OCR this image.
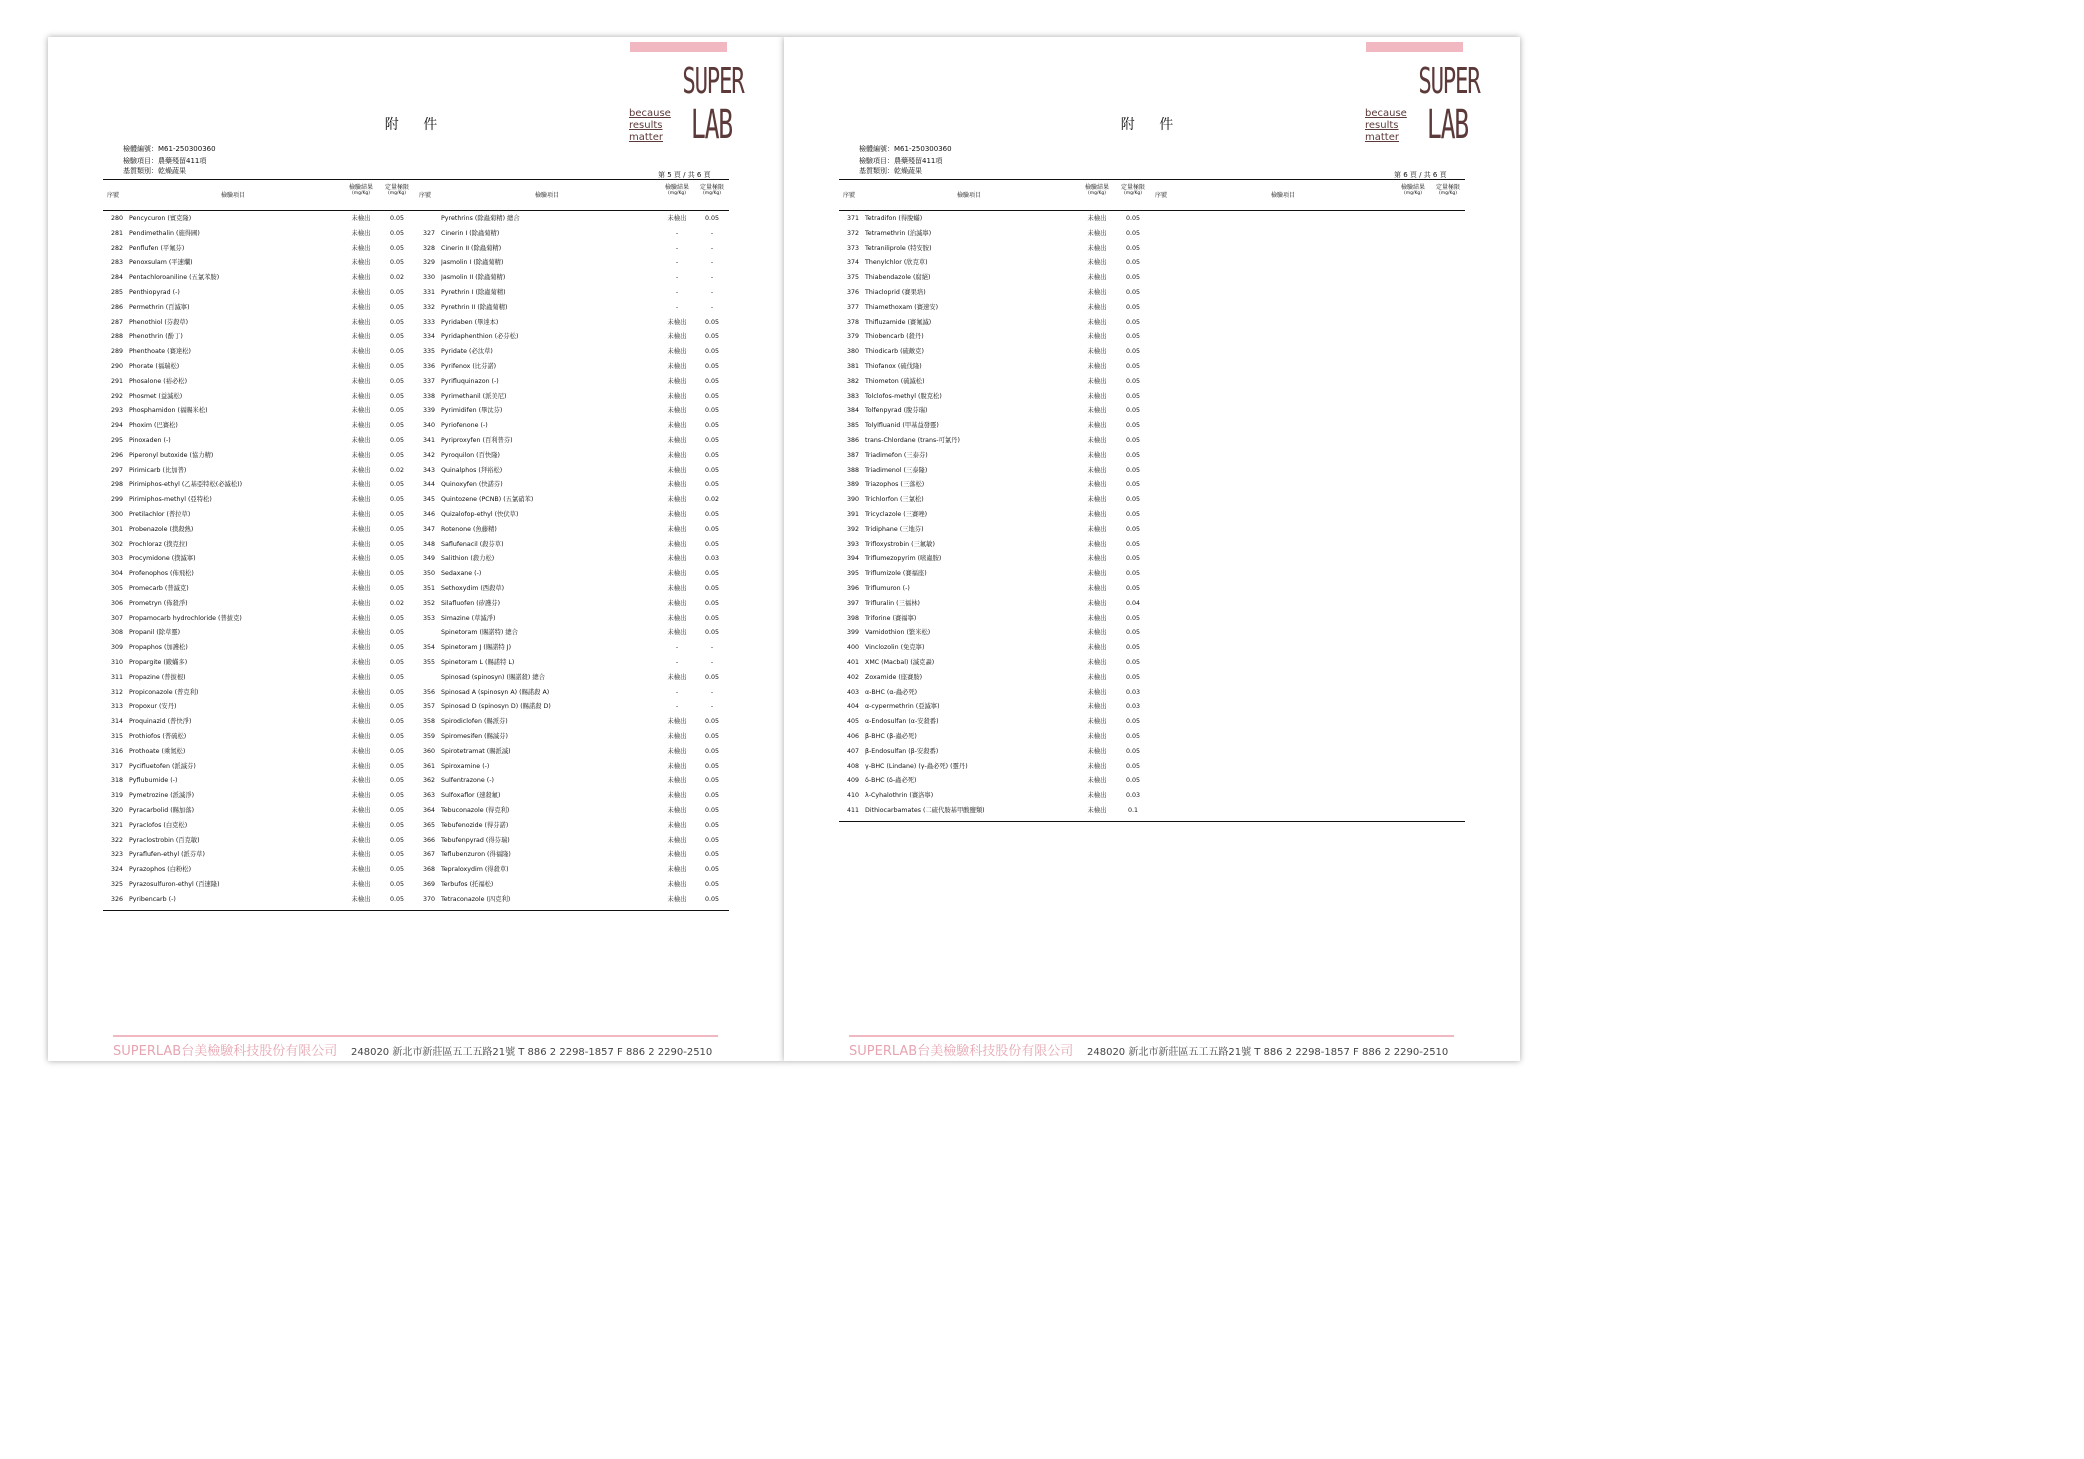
SUPER
LAB
because
results
matter
附 件
檢體編號：M61-250300360
檢驗項目：農藥殘留411項
基質類別：乾燥蔬果	第 5 頁 / 共 6 頁
序號	檢驗項目
檢驗結果
(mg/Kg)
定量極限
(mg/Kg)	序號	檢驗項目
檢驗結果
(mg/Kg)
定量極限
(mg/Kg)
280 Pencycuron (賓克隆)	未檢出	0.05	Pyrethrins (除蟲菊精) 總合	未檢出	0.05
281 Pendimethalin (施得圃)	未檢出	0.05	327 Cinerin I (除蟲菊精)	-	-
282 Penflufen (平氟芬)	未檢出	0.05	328 Cinerin II (除蟲菊精)	-	-
283 Penoxsulam (平速爛)	未檢出	0.05	329 Jasmolin I (除蟲菊精)	-	-
284 Pentachloroaniline (五氯苯胺)	未檢出	0.02	330 Jasmolin II (除蟲菊精)	-	-
285 Penthiopyrad (-)	未檢出	0.05	331 Pyrethrin I (除蟲菊精)	-	-
286 Permethrin (百滅寧)	未檢出	0.05	332 Pyrethrin II (除蟲菊精)	-	-
287 Phenothiol (芬殺草)	未檢出	0.05	333 Pyridaben (畢達本)	未檢出	0.05
288 Phenothrin (酚丁)	未檢出	0.05	334 Pyridaphenthion (必芬松)	未檢出	0.05
289 Phenthoate (賽達松)	未檢出	0.05	335 Pyridate (必汰草)	未檢出	0.05
290 Phorate (福瑞松)	未檢出	0.05	336 Pyrifenox (比芬諾)	未檢出	0.05
291 Phosalone (裕必松)	未檢出	0.05	337 Pyrifluquinazon (-)	未檢出	0.05
292 Phosmet (益滅松)	未檢出	0.05	338 Pyrimethanil (派美尼)	未檢出	0.05
293 Phosphamidon (福賜米松)	未檢出	0.05	339 Pyrimidifen (畢汰芬)	未檢出	0.05
294 Phoxim (巴賽松)	未檢出	0.05	340 Pyriofenone (-)	未檢出	0.05
295 Pinoxaden (-)	未檢出	0.05	341 Pyriproxyfen (百利普芬)	未檢出	0.05
296 Piperonyl butoxide (協力精)	未檢出	0.05	342 Pyroquilon (百快隆)	未檢出	0.05
297 Pirimicarb (比加普)	未檢出	0.02	343 Quinalphos (拜裕松)	未檢出	0.05
298 Pirimiphos-ethyl (乙基亞特松(必滅松))	未檢出	0.05	344 Quinoxyfen (快諾芬)	未檢出	0.05
299 Pirimiphos-methyl (亞特松)	未檢出	0.05	345 Quintozene (PCNB) (五氯硝苯)	未檢出	0.02
300 Pretilachlor (普拉草)	未檢出	0.05	346 Quizalofop-ethyl (快伏草)	未檢出	0.05
301 Probenazole (撲殺熱)	未檢出	0.05	347 Rotenone (魚藤精)	未檢出	0.05
302 Prochloraz (撲克拉)	未檢出	0.05	348 Saflufenacil (殺芬草)	未檢出	0.05
303 Procymidone (撲滅寧)	未檢出	0.05	349 Salithion (殺力松)	未檢出	0.03
304 Profenophos (佈飛松)	未檢出	0.05	350 Sedaxane (-)	未檢出	0.05
305 Promecarb (普滅克)	未檢出	0.05	351 Sethoxydim (西殺草)	未檢出	0.05
306 Prometryn (佈殺淨)	未檢出	0.02	352 Silafluofen (矽護芬)	未檢出	0.05
307 Propamocarb hydrochloride (普拔克)	未檢出	0.05	353 Simazine (草滅淨)	未檢出	0.05
308 Propanil (除草靈)	未檢出	0.05	Spinetoram (賜諾特) 總合	未檢出	0.05
309 Propaphos (加護松)	未檢出	0.05	354 Spinetoram J (賜諾特 J)	-	-
310 Propargite (毆蟎多)	未檢出	0.05	355 Spinetoram L (賜諾特 L)	-	-
311 Propazine (普拔根)	未檢出	0.05	Spinosad (spinosyn) (賜諾殺) 總合	未檢出	0.05
312 Propiconazole (普克利)	未檢出	0.05	356 Spinosad A (spinosyn A) (賜諾殺 A)	-	-
313 Propoxur (安丹)	未檢出	0.05	357 Spinosad D (spinosyn D) (賜諾殺 D)	-	-
314 Proquinazid (普快淨)	未檢出	0.05	358 Spirodiclofen (賜派芬)	未檢出	0.05
315 Prothiofos (普硫松)	未檢出	0.05	359 Spiromesifen (賜滅芬)	未檢出	0.05
316 Prothoate (乘氮松)	未檢出	0.05	360 Spirotetramat (賜派滅)	未檢出	0.05
317 Pycifluetofen (派滅芬)	未檢出	0.05	361 Spiroxamine (-)	未檢出	0.05
318 Pyflubumide (-)	未檢出	0.05	362 Sulfentrazone (-)	未檢出	0.05
319 Pymetrozine (派滅淨)	未檢出	0.05	363 Sulfoxaflor (速殺氟)	未檢出	0.05
320 Pyracarbolid (賜加落)	未檢出	0.05	364 Tebuconazole (得克利)	未檢出	0.05
321 Pyraclofos (白克松)	未檢出	0.05	365 Tebufenozide (得芬諾)	未檢出	0.05
322 Pyraclostrobin (百克敏)	未檢出	0.05	366 Tebufenpyrad (得芬瑞)	未檢出	0.05
323 Pyraflufen-ethyl (派芬草)	未檢出	0.05	367 Teflubenzuron (得福隆)	未檢出	0.05
324 Pyrazophos (白粉松)	未檢出	0.05	368 Tepraloxydim (得殺草)	未檢出	0.05
325 Pyrazosulfuron-ethyl (百速隆)	未檢出	0.05	369 Terbufos (托福松)	未檢出	0.05
326 Pyribencarb (-)	未檢出	0.05	370 Tetraconazole (四克利)	未檢出	0.05
SUPERLAB台美檢驗科技股份有限公司 248020 新北市新莊區五工五路21號 T 886 2 2298-1857 F 886 2 2290-2510
SUPER
LAB
because
results
matter
附 件
檢體編號：M61-250300360
檢驗項目：農藥殘留411項
基質類別：乾燥蔬果	第 6 頁 / 共 6 頁
序號	檢驗項目
檢驗結果
(mg/Kg)
定量極限
(mg/Kg)	序號	檢驗項目
檢驗結果
(mg/Kg)
定量極限
(mg/Kg)
371 Tetradifon (得脫蟎)	未檢出	0.05
372 Tetramethrin (治滅寧)	未檢出	0.05
373 Tetraniliprole (特安胺)	未檢出	0.05
374 Thenylchlor (欣克草)	未檢出	0.05
375 Thiabendazole (腐絕)	未檢出	0.05
376 Thiacloprid (賽果培)	未檢出	0.05
377 Thiamethoxam (賽速安)	未檢出	0.05
378 Thifluzamide (賽氟滅)	未檢出	0.05
379 Thiobencarb (殺丹)	未檢出	0.05
380 Thiodicarb (硫敵克)	未檢出	0.05
381 Thiofanox (硫伐隆)	未檢出	0.05
382 Thiometon (硫滅松)	未檢出	0.05
383 Tolclofos-methyl (脫克松)	未檢出	0.05
384 Tolfenpyrad (脫芬瑞)	未檢出	0.05
385 Tolylfluanid (甲基益發靈)	未檢出	0.05
386 trans-Chlordane (trans-可氯丹)	未檢出	0.05
387 Triadimefon (三泰芬)	未檢出	0.05
388 Triadimenol (三泰隆)	未檢出	0.05
389 Triazophos (三落松)	未檢出	0.05
390 Trichlorfon (三氯松)	未檢出	0.05
391 Tricyclazole (三賽唑)	未檢出	0.05
392 Tridiphane (三地芬)	未檢出	0.05
393 Trifloxystrobin (三氟敏)	未檢出	0.05
394 Triflumezopyrim (嘧蟲胺)	未檢出	0.05
395 Triflumizole (賽福座)	未檢出	0.05
396 Triflumuron (-)	未檢出	0.05
397 Trifluralin (三福林)	未檢出	0.04
398 Triforine (賽福寧)	未檢出	0.05
399 Vamidothion (繁米松)	未檢出	0.05
400 Vinclozolin (免克寧)	未檢出	0.05
401 XMC (Macbal) (滅克蝨)	未檢出	0.05
402 Zoxamide (座賽胺)	未檢出	0.05
403 α-BHC (α-蟲必死)	未檢出	0.03
404 α-cypermethrin (亞滅寧)	未檢出	0.03
405 α-Endosulfan (α-安殺番)	未檢出	0.05
406 β-BHC (β-蟲必死)	未檢出	0.05
407 β-Endosulfan (β-安殺番)	未檢出	0.05
408 γ-BHC (Lindane) (γ-蟲必死) (靈丹)	未檢出	0.05
409 δ-BHC (δ-蟲必死)	未檢出	0.05
410 λ-Cyhalothrin (賽洛寧)	未檢出	0.03
411 Dithiocarbamates (二硫代胺基甲酸鹽類)	未檢出	0.1
SUPERLAB台美檢驗科技股份有限公司 248020 新北市新莊區五工五路21號 T 886 2 2298-1857 F 886 2 2290-2510
